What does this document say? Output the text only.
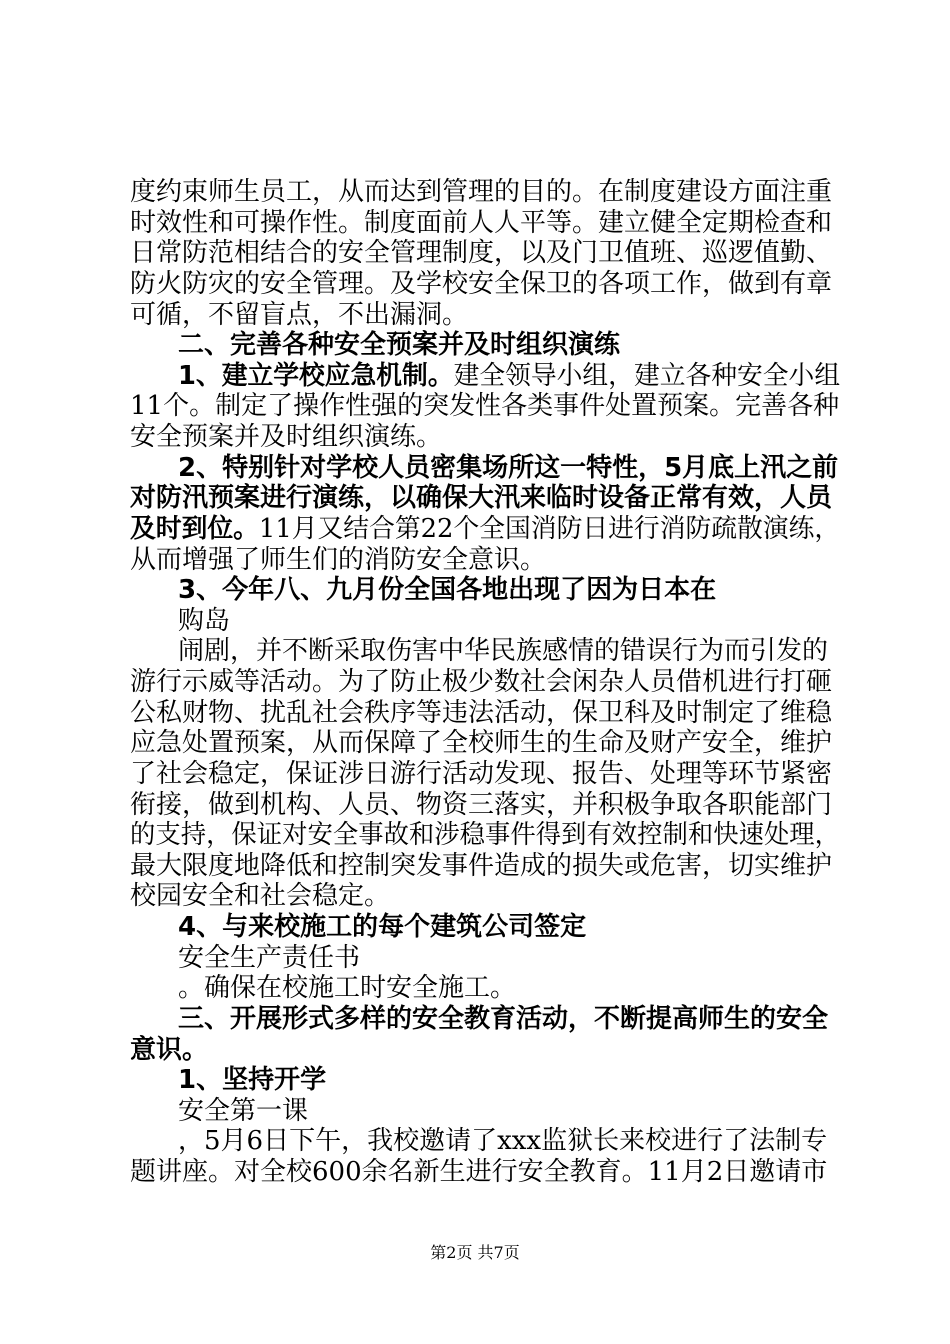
度约束师生员工，从而达到管理的目的。在制度建设方面注重
时效性和可操作性。制度面前人人平等。建立健全定期检查和
日常防范相结合的安全管理制度，以及门卫值班、巡逻值勤、
防火防灾的安全管理。及学校安全保卫的各项工作，做到有章
可循，不留盲点，不出漏洞。
二、完善各种安全预案并及时组织演练
1、建立学校应急机制。建全领导小组，建立各种安全小组
11个。制定了操作性强的突发性各类事件处置预案。完善各种
安全预案并及时组织演练。
2、特别针对学校人员密集场所这一特性，5月底上汛之前
对防汛预案进行演练，以确保大汛来临时设备正常有效，人员
及时到位。11月又结合第22个全国消防日进行消防疏散演练，
从而增强了师生们的消防安全意识。
3、今年八、九月份全国各地出现了因为日本在
购岛
闹剧，并不断采取伤害中华民族感情的错误行为而引发的
游行示威等活动。为了防止极少数社会闲杂人员借机进行打砸
公私财物、扰乱社会秩序等违法活动，保卫科及时制定了维稳
应急处置预案，从而保障了全校师生的生命及财产安全，维护
了社会稳定，保证涉日游行活动发现、报告、处理等环节紧密
衔接，做到机构、人员、物资三落实，并积极争取各职能部门
的支持，保证对安全事故和涉稳事件得到有效控制和快速处理，
最大限度地降低和控制突发事件造成的损失或危害，切实维护
校园安全和社会稳定。
4、与来校施工的每个建筑公司签定
安全生产责任书
。确保在校施工时安全施工。
三、开展形式多样的安全教育活动，不断提高师生的安全
意识。
1、坚持开学
安全第一课
，5月6日下午，我校邀请了xxx监狱长来校进行了法制专
题讲座。对全校600余名新生进行安全教育。11月2日邀请市
第2页 共7页
